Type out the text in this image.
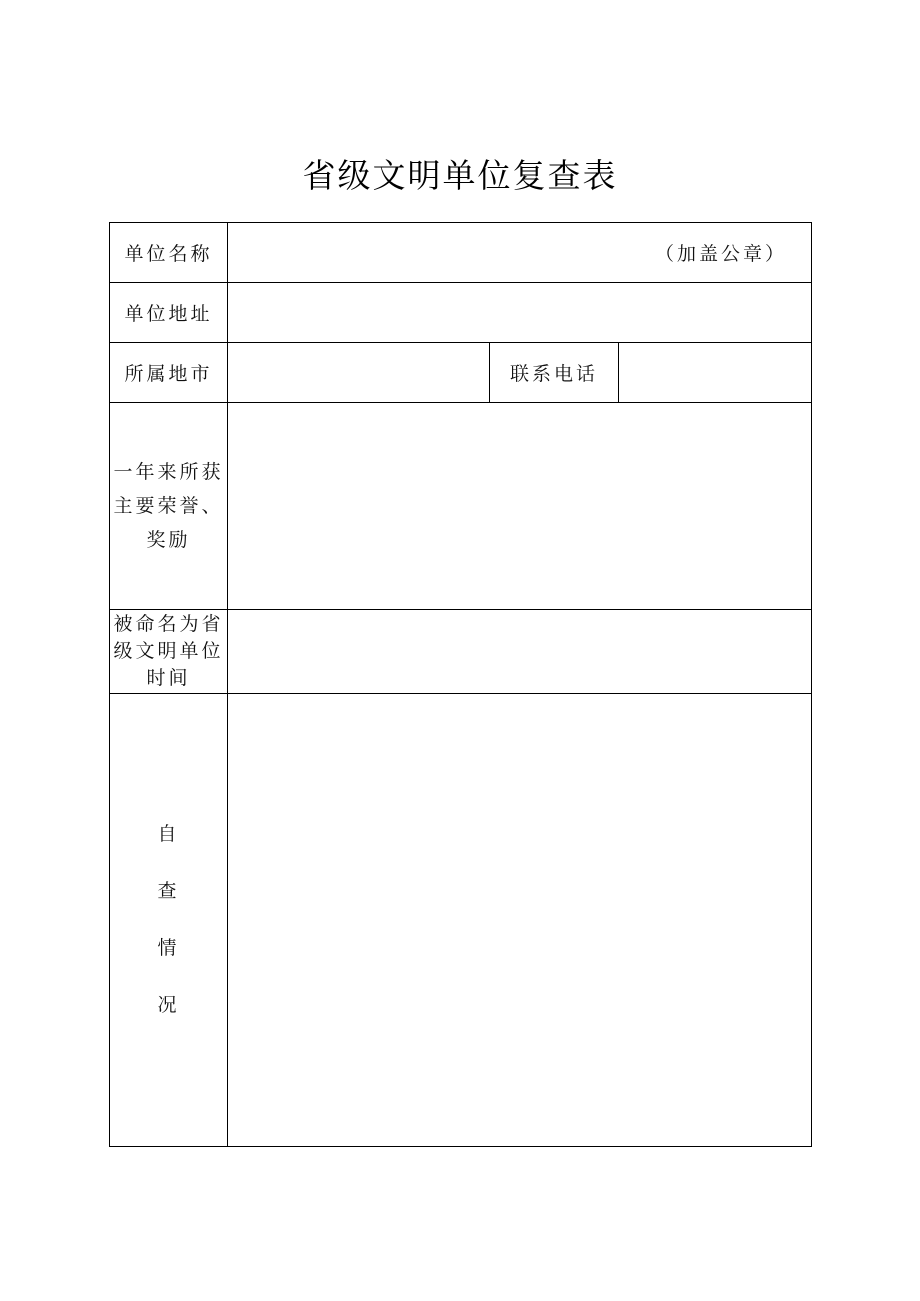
省级文明单位复查表
单位名称	（加盖公章）		
单位地址			
所属地市		联系电话	

一年来所获
主要荣誉、
奖励			

被命名为省
级文明单位
时间			

自
查
情
况			
